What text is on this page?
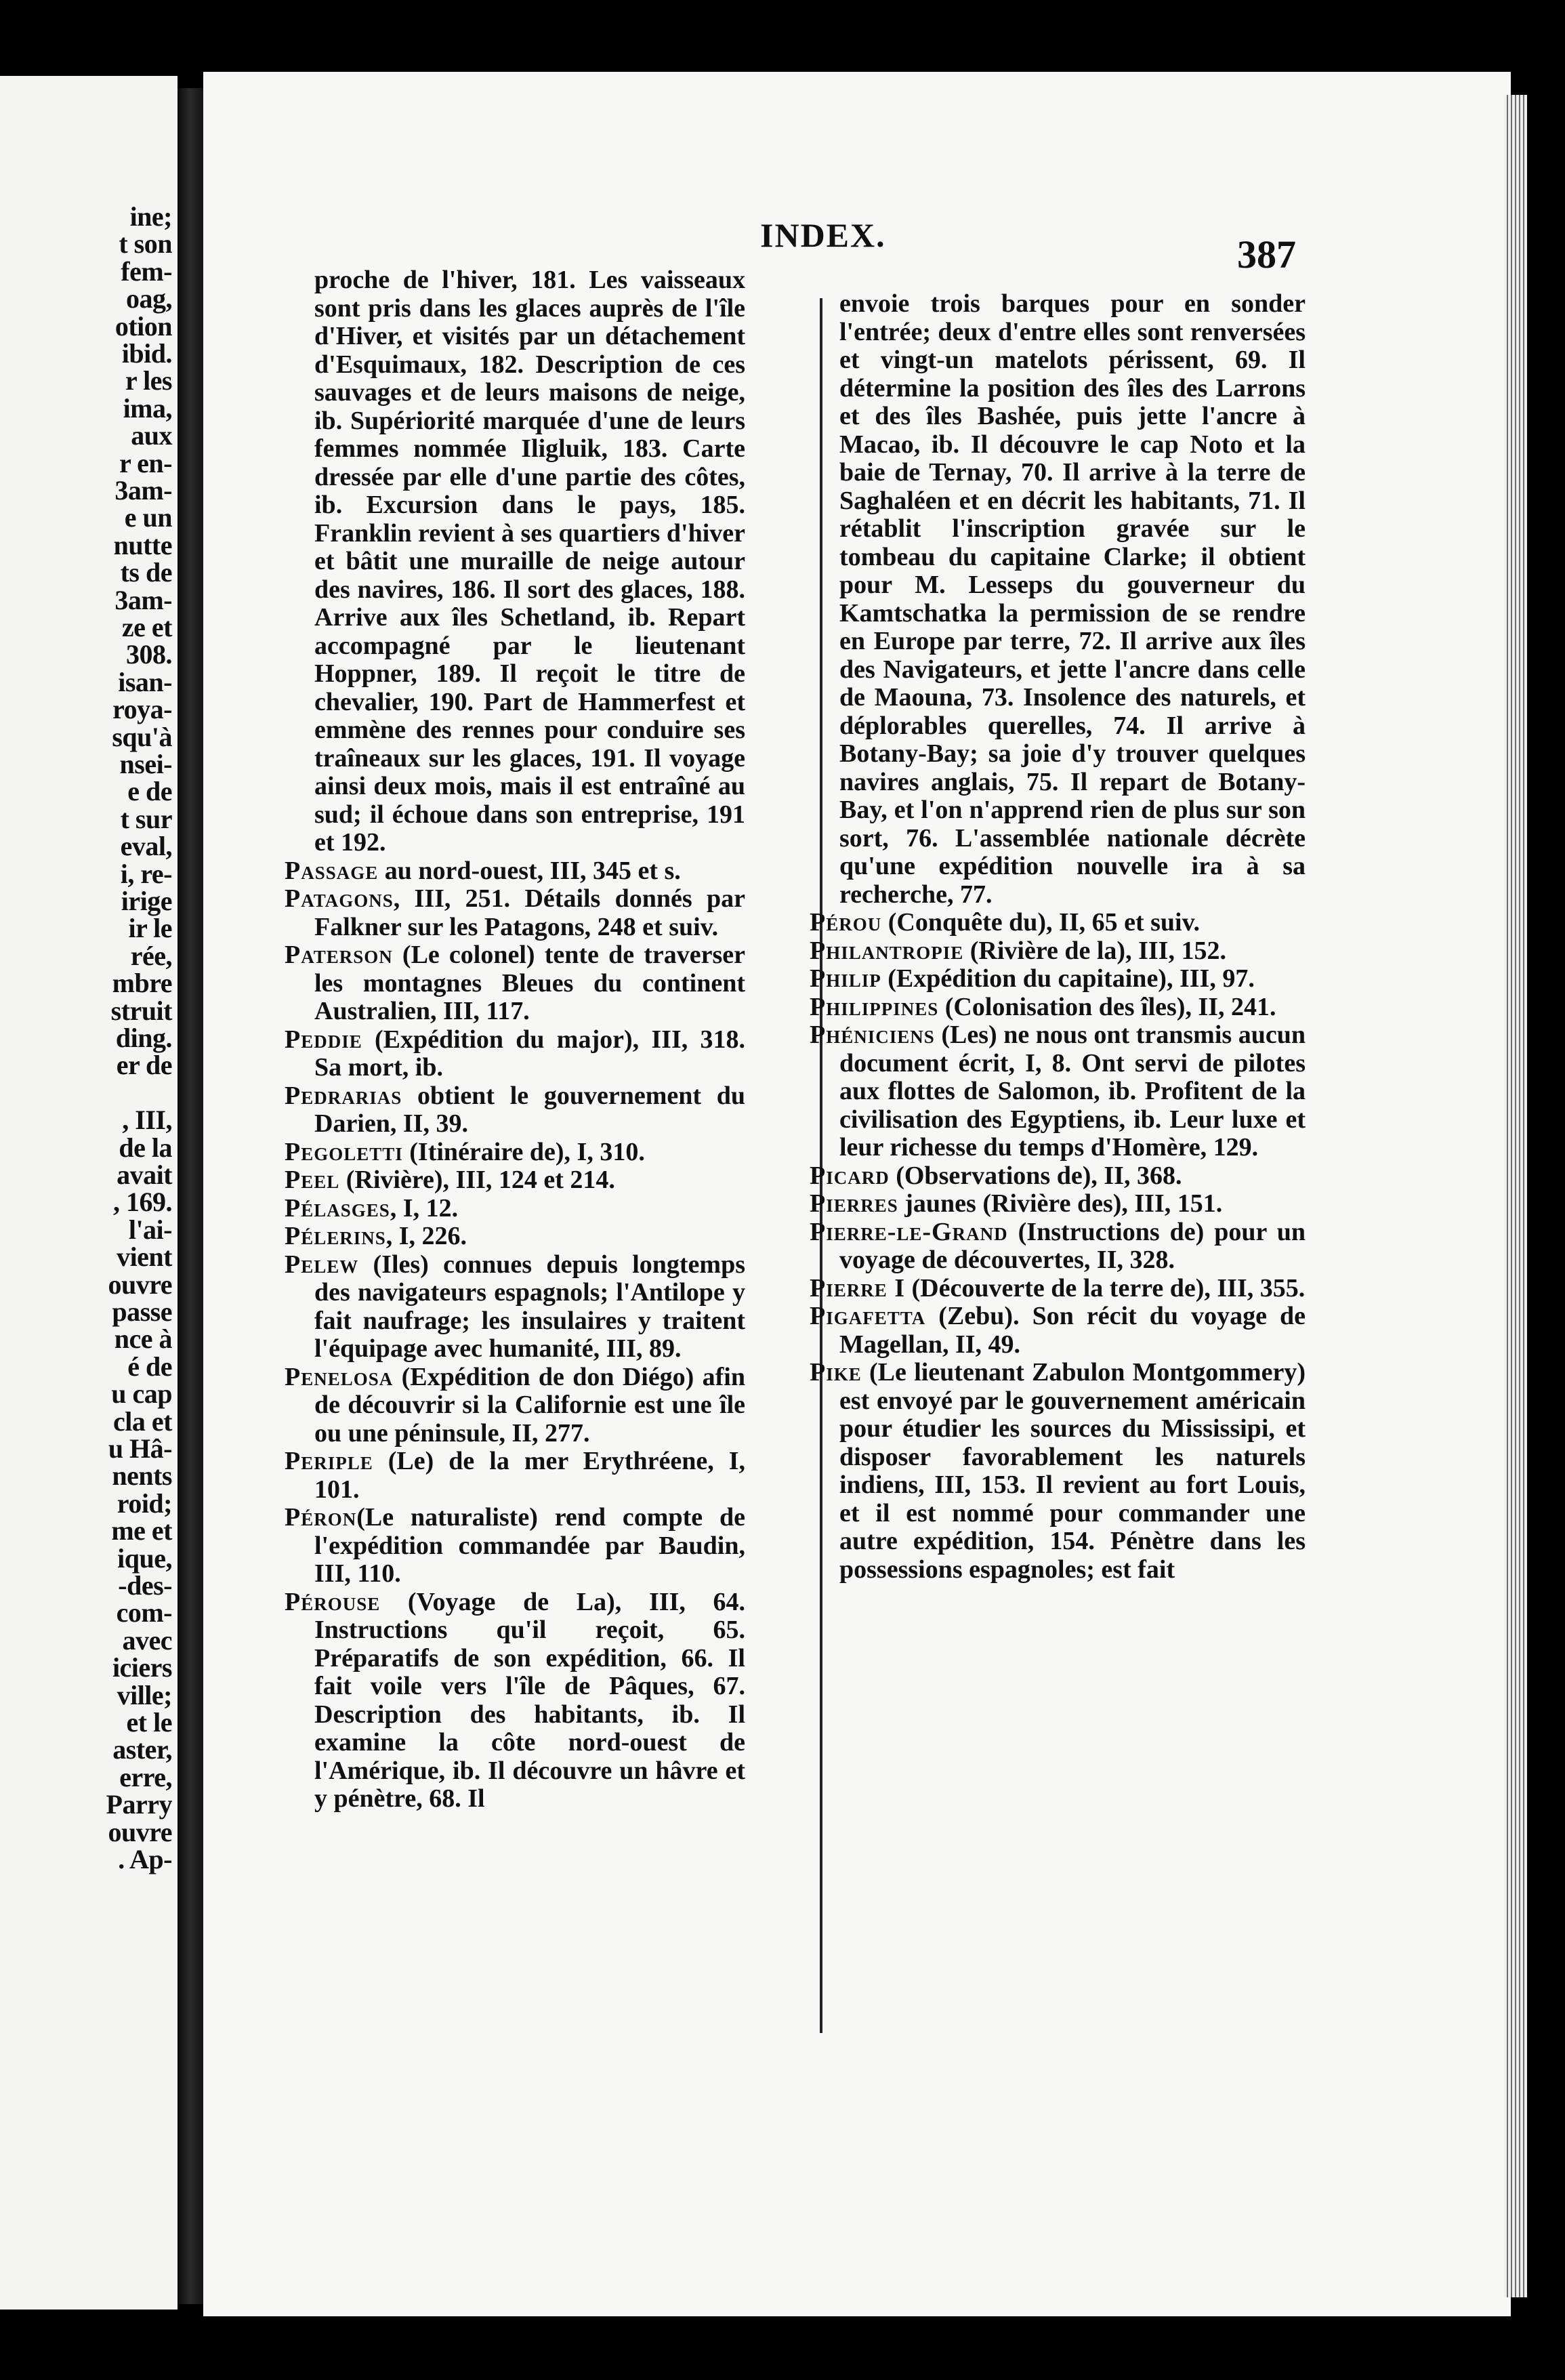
ine;
t son
fem-
oag,
otion
ibid.
r les
ima,
aux
r en-
3am-
e un
nutte
ts de
3am-
ze et
308.
isan-
roya-
squ'à
nsei-
e de
t sur
eval,
i, re-
irige
ir le
rée,
mbre
struit
ding.
er de
, III,
de la
avait
, 169.
l'ai-
vient
ouvre
passe
nce à
é de
u cap
cla et
u Hâ-
nents
roid;
me et
ique,
-des-
com-
avec
iciers
ville;
et le
aster,
erre,
Parry
ouvre
. Ap-
INDEX.	387

proche de l'hiver, 181. Les vaisseaux sont pris dans les glaces auprès de l'île d'Hiver, et visités par un détachement d'Esquimaux, 182. Description de ces sauvages et de leurs maisons de neige, ib. Supériorité marquée d'une de leurs femmes nommée Iligluik, 183. Carte dressée par elle d'une partie des côtes, ib. Excursion dans le pays, 185. Franklin revient à ses quartiers d'hiver et bâtit une muraille de neige autour des navires, 186. Il sort des glaces, 188. Arrive aux îles Schetland, ib. Repart accompagné par le lieutenant Hoppner, 189. Il reçoit le titre de chevalier, 190. Part de Hammerfest et emmène des rennes pour conduire ses traîneaux sur les glaces, 191. Il voyage ainsi deux mois, mais il est entraîné au sud; il échoue dans son entreprise, 191 et 192.

Passage au nord-ouest, III, 345 et s.

Patagons, III, 251. Détails donnés par Falkner sur les Patagons, 248 et suiv.

Paterson (Le colonel) tente de traverser les montagnes Bleues du continent Australien, III, 117.

Peddie (Expédition du major), III, 318. Sa mort, ib.

Pedrarias obtient le gouvernement du Darien, II, 39.

Pegoletti (Itinéraire de), I, 310.

Peel (Rivière), III, 124 et 214.

Pélasges, I, 12.

Pélerins, I, 226.

Pelew (Iles) connues depuis longtemps des navigateurs espagnols; l'Antilope y fait naufrage; les insulaires y traitent l'équipage avec humanité, III, 89.

Penelosa (Expédition de don Diégo) afin de découvrir si la Californie est une île ou une péninsule, II, 277.

Periple (Le) de la mer Erythréene, I, 101.

Péron(Le naturaliste) rend compte de l'expédition commandée par Baudin, III, 110.

Pérouse (Voyage de La), III, 64. Instructions qu'il reçoit, 65. Préparatifs de son expédition, 66. Il fait voile vers l'île de Pâques, 67. Description des habitants, ib. Il examine la côte nord-ouest de l'Amérique, ib. Il découvre un hâvre et y pénètre, 68. Il

envoie trois barques pour en sonder l'entrée; deux d'entre elles sont renversées et vingt-un matelots périssent, 69. Il détermine la position des îles des Larrons et des îles Bashée, puis jette l'ancre à Macao, ib. Il découvre le cap Noto et la baie de Ternay, 70. Il arrive à la terre de Saghaléen et en décrit les habitants, 71. Il rétablit l'inscription gravée sur le tombeau du capitaine Clarke; il obtient pour M. Lesseps du gouverneur du Kamtschatka la permission de se rendre en Europe par terre, 72. Il arrive aux îles des Navigateurs, et jette l'ancre dans celle de Maouna, 73. Insolence des naturels, et déplorables querelles, 74. Il arrive à Botany-Bay; sa joie d'y trouver quelques navires anglais, 75. Il repart de Botany-Bay, et l'on n'apprend rien de plus sur son sort, 76. L'assemblée nationale décrète qu'une expédition nouvelle ira à sa recherche, 77.

Pérou (Conquête du), II, 65 et suiv.

Philantropie (Rivière de la), III, 152.

Philip (Expédition du capitaine), III, 97.

Philippines (Colonisation des îles), II, 241.

Phéniciens (Les) ne nous ont transmis aucun document écrit, I, 8. Ont servi de pilotes aux flottes de Salomon, ib. Profitent de la civilisation des Egyptiens, ib. Leur luxe et leur richesse du temps d'Homère, 129.

Picard (Observations de), II, 368.

Pierres jaunes (Rivière des), III, 151.

Pierre-le-Grand (Instructions de) pour un voyage de découvertes, II, 328.

Pierre I (Découverte de la terre de), III, 355.

Pigafetta (Zebu). Son récit du voyage de Magellan, II, 49.

Pike (Le lieutenant Zabulon Montgommery) est envoyé par le gouvernement américain pour étudier les sources du Mississipi, et disposer favorablement les naturels indiens, III, 153. Il revient au fort Louis, et il est nommé pour commander une autre expédition, 154. Pénètre dans les possessions espagnoles; est fait
